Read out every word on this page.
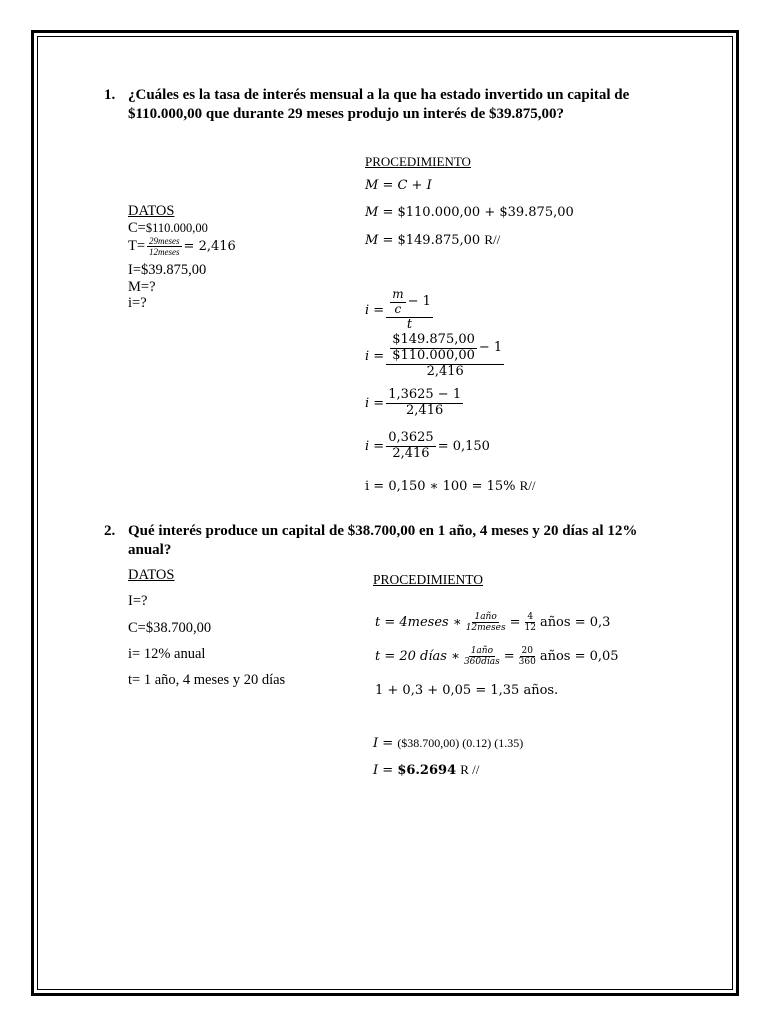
1. ¿Cuáles es la tasa de interés mensual a la que ha estado invertido un capital de
$110.000,00 que durante 29 meses produjo un interés de $39.875,00?
PROCEDIMIENTO
M = C + I
M = $110.000,00 + $39.875,00
M = $149.875,00 R//
DATOS
C=$110.000,00
$T= \frac{\text{29meses}}{\text{12meses}} = 2,416$
I=$39.875,00
M=?
i=?	$i = \frac{\frac{m}{c} - 1}{t}$
$i = \frac{\frac{\$149.875,00}{\$110.000,00} - 1}{2,416}$
$i = \frac{1,3625 - 1}{2,416}$
$i = \frac{0,3625}{2,416} = 0,150$
i = 0,150 ∗ 100 = 15% R//
2. Qué interés produce un capital de $38.700,00 en 1 año, 4 meses y 20 días al 12%
anual?
DATOS
I=?
C=$38.700,00
i= 12% anual
t= 1 año, 4 meses y 20 días
PROCEDIMIENTO
t = 4meses ∗ $\frac{\text{1año}}{\text{12meses}} = \frac{4}{12}$ años = 0,3
t = 20 días ∗ $\frac{\text{1año}}{\text{360días}} = \frac{20}{360}$ años = 0,05
1 + 0,3 + 0,05 = 1,35 años.
I = ($38.700,00) (0.12) (1.35)
I = $6.2694 R //
